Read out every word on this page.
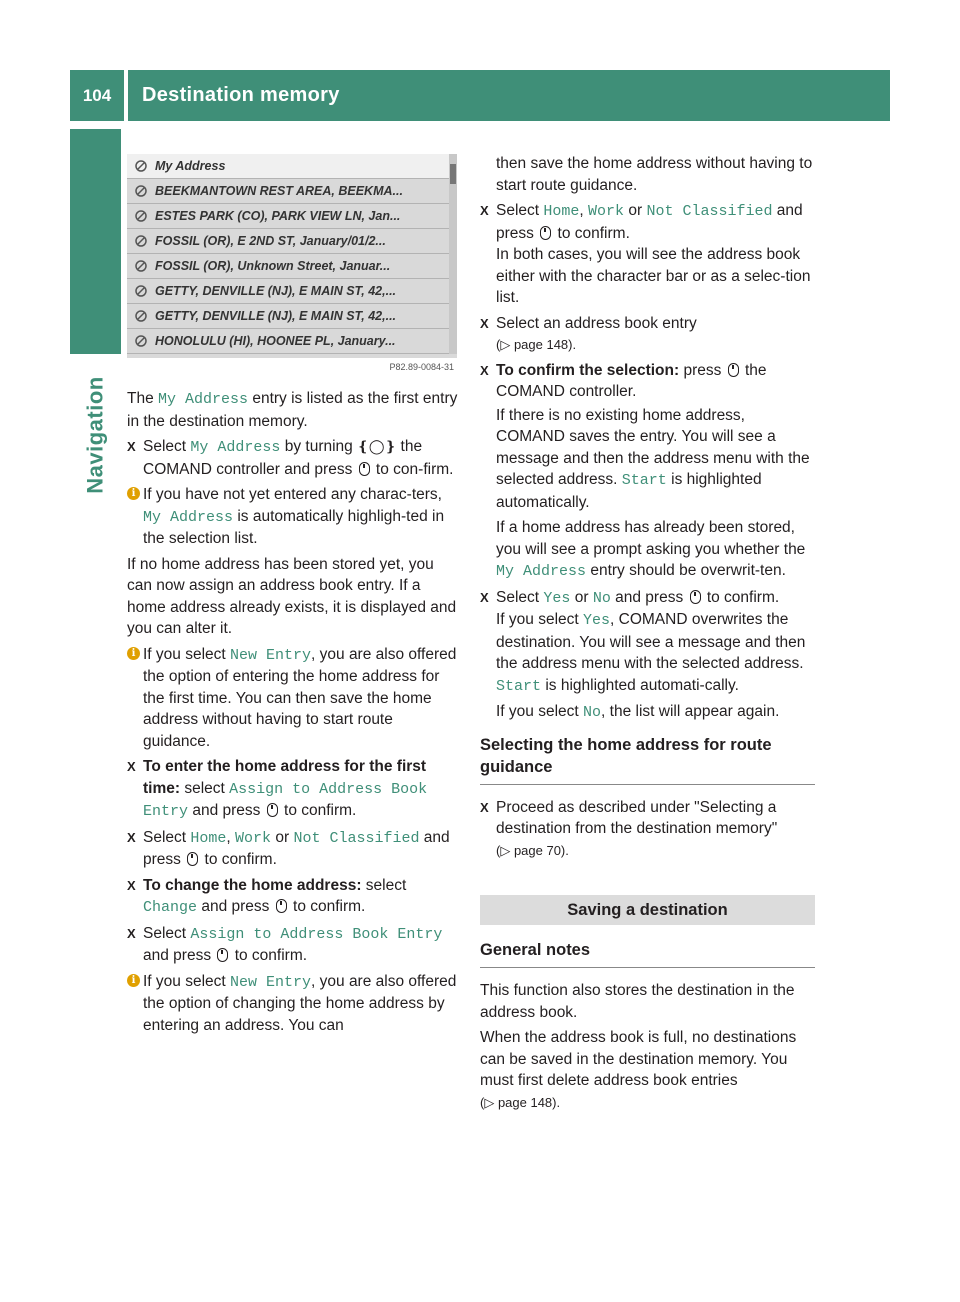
104	Destination memory
Navigation
My Address
BEEKMANTOWN REST AREA, BEEKMA...
ESTES PARK (CO), PARK VIEW LN, Jan...
FOSSIL (OR), E 2ND ST, January/01/2...
FOSSIL (OR), Unknown Street, Januar...
GETTY, DENVILLE (NJ), E MAIN ST, 42,...
GETTY, DENVILLE (NJ), E MAIN ST, 42,...
HONOLULU (HI), HOONEE PL, January...
P82.89-0084-31

The My Address entry is listed as the first entry in the destination memory.

X Select My Address by turning ❴◯❵ the COMAND controller and press  to con-firm.
i If you have not yet entered any charac-ters, My Address is automatically highligh-ted in the selection list.

If no home address has been stored yet, you can now assign an address book entry. If a home address already exists, it is displayed and you can alter it.

i If you select New Entry, you are also offered the option of entering the home address for the first time. You can then save the home address without having to start route guidance.
X To enter the home address for the first time: select Assign to Address Book Entry and press  to confirm.
X Select Home, Work or Not Classified and press  to confirm.
X To change the home address: select Change and press  to confirm.
X Select Assign to Address Book Entry and press  to confirm.
i If you select New Entry, you are also offered the option of changing the home address by entering an address. You can

then save the home address without having to start route guidance.

X Select Home, Work or Not Classified and press  to confirm.
In both cases, you will see the address book either with the character bar or as a selec-tion list.
X Select an address book entry
(▷ page 148).
X To confirm the selection: press  the COMAND controller.
If there is no existing home address, COMAND saves the entry. You will see a message and then the address menu with the selected address. Start is highlighted automatically.
If a home address has already been stored, you will see a prompt asking you whether the My Address entry should be overwrit-ten.
X Select Yes or No and press  to confirm.
If you select Yes, COMAND overwrites the destination. You will see a message and then the address menu with the selected address. Start is highlighted automati-cally.
If you select No, the list will appear again.
Selecting the home address for route guidance
X Proceed as described under "Selecting a destination from the destination memory"
(▷ page 70).
Saving a destination
General notes

This function also stores the destination in the address book.

When the address book is full, no destinations can be saved in the destination memory. You must first delete address book entries
(▷ page 148).
